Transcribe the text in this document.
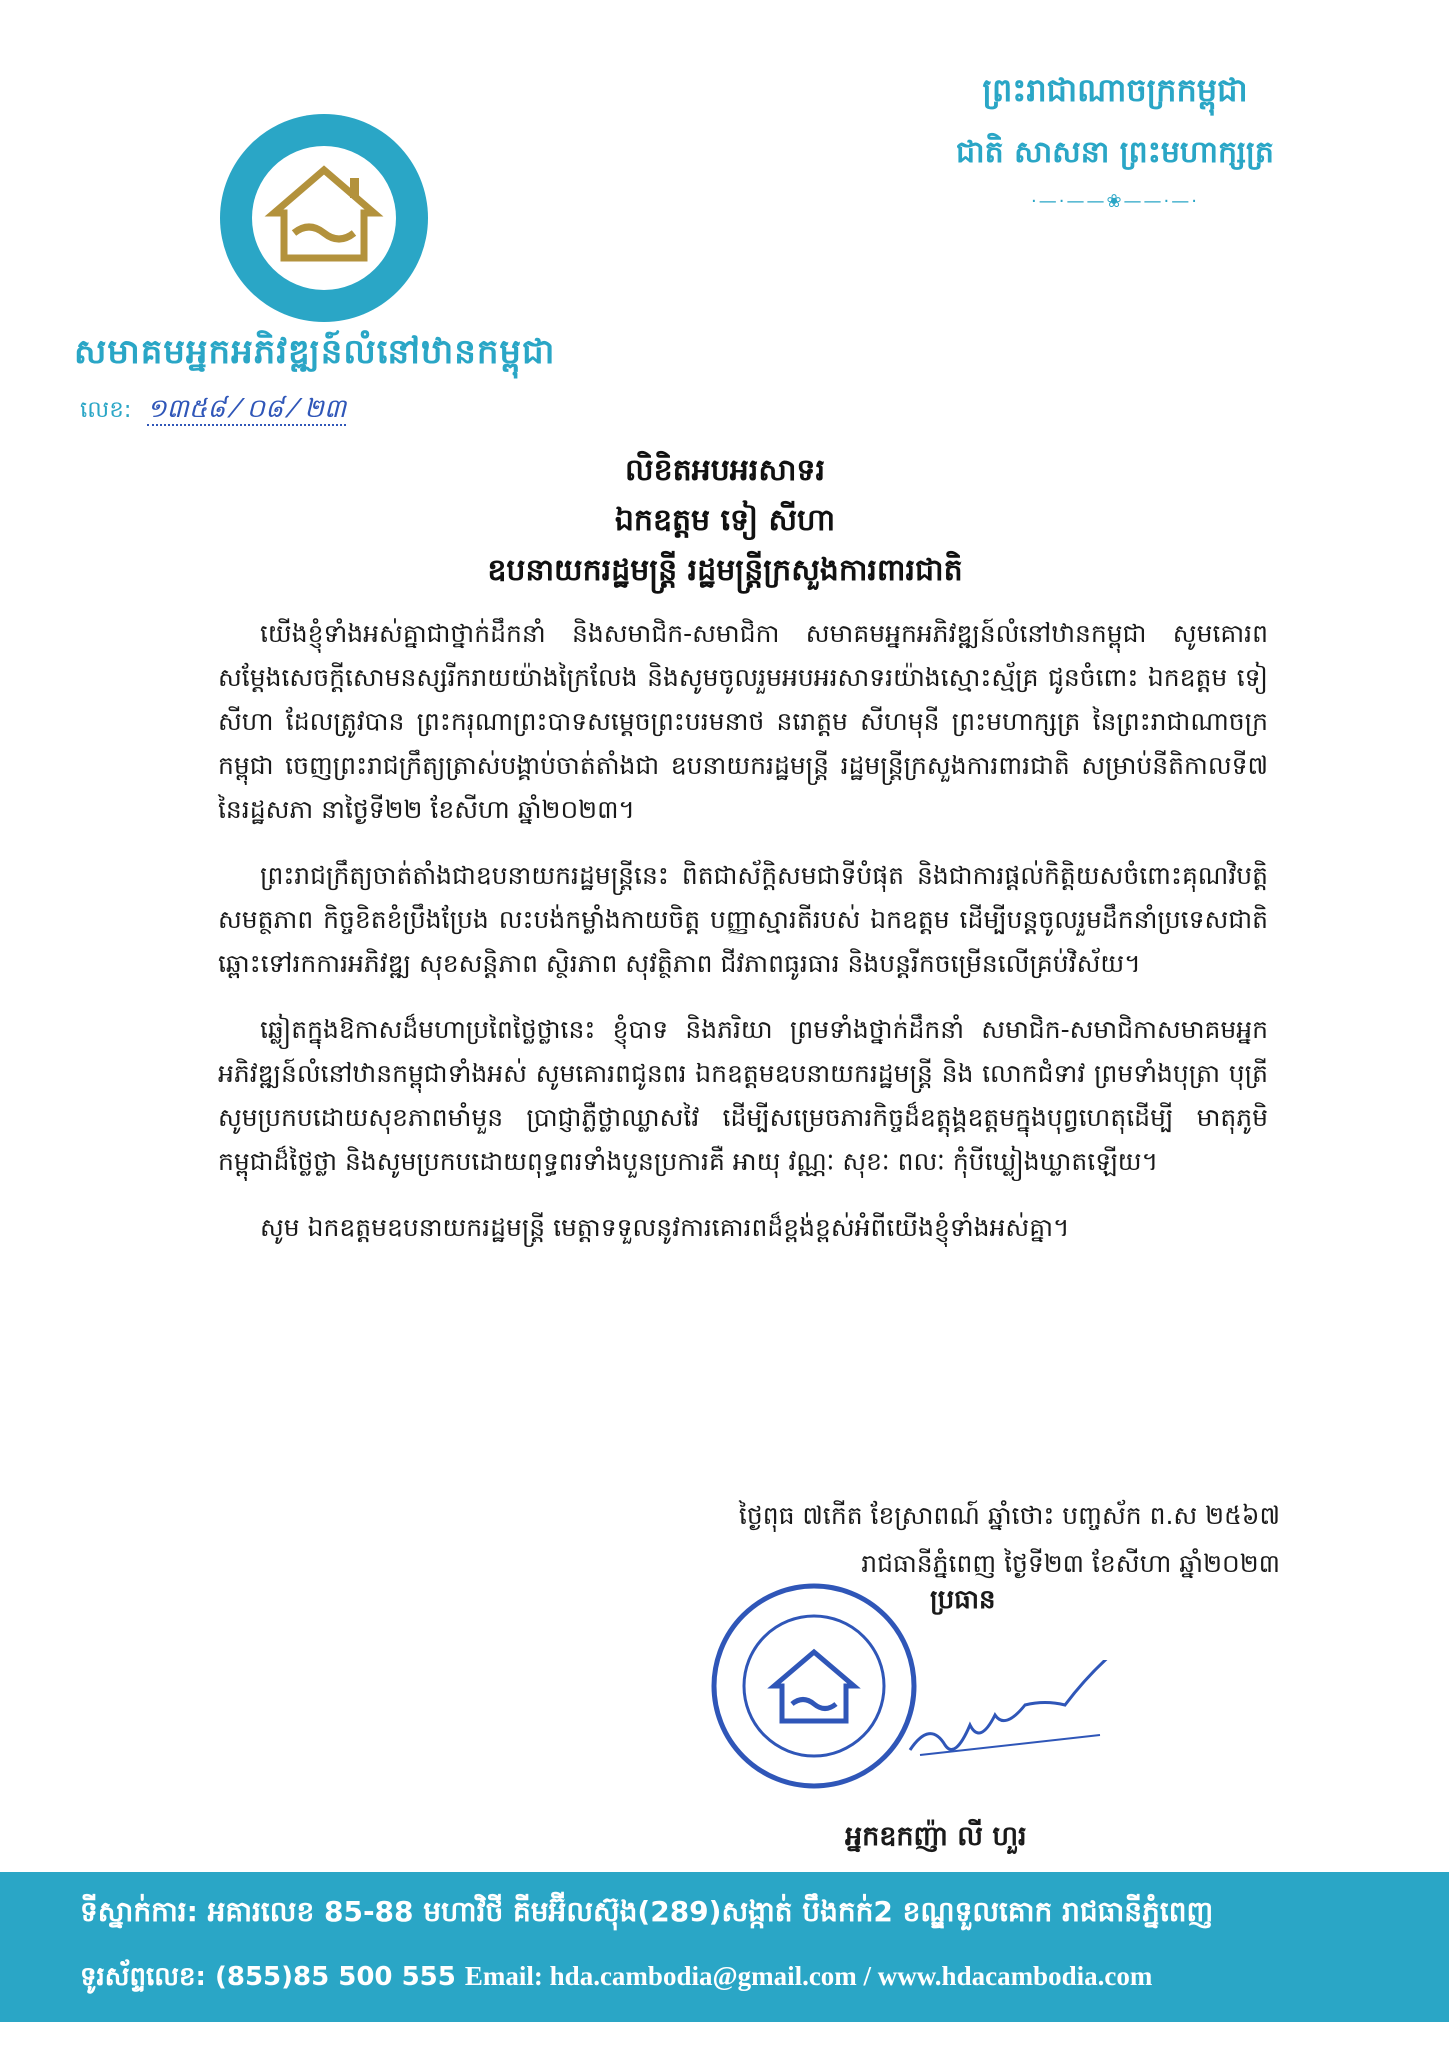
សមាគមអ្នកអភិវឌ្ឍន៍លំនៅឋានកម្ពុជា
លេខ: ១៣៥៨ ⁄ ០៨ ⁄ ២៣
ព្រះរាជាណាចក្រកម្ពុជា
ជាតិ សាសនា ព្រះមហាក្សត្រ
·—·——❀——·—·
លិខិតអបអរសាទរ
ឯកឧត្តម ទៀ សីហា
ឧបនាយករដ្ឋមន្ត្រី រដ្ឋមន្ត្រីក្រសួងការពារជាតិ

យើងខ្ញុំទាំងអស់គ្នាជាថ្នាក់ដឹកនាំ និងសមាជិក-សមាជិកា សមាគមអ្នកអភិវឌ្ឍន៍លំនៅឋានកម្ពុជា សូមគោរពសម្ដែងសេចក្ដីសោមនស្សរីករាយយ៉ាងក្រៃលែង និងសូមចូលរួមអបអរសាទរយ៉ាងស្មោះស្ម័គ្រ ជូនចំពោះ ឯកឧត្តម ទៀ សីហា ដែលត្រូវបាន ព្រះករុណាព្រះបាទសម្ដេចព្រះបរមនាថ នរោត្តម សីហមុនី ព្រះមហាក្សត្រ នៃព្រះរាជាណាចក្រកម្ពុជា ចេញព្រះរាជក្រឹត្យត្រាស់បង្គាប់ចាត់តាំងជា ឧបនាយករដ្ឋមន្ត្រី រដ្ឋមន្ត្រីក្រសួងការពារជាតិ សម្រាប់នីតិកាលទី៧ នៃរដ្ឋសភា នាថ្ងៃទី២២ ខែសីហា ឆ្នាំ២០២៣។

ព្រះរាជក្រឹត្យចាត់តាំងជាឧបនាយករដ្ឋមន្ត្រីនេះ ពិតជាស័ក្តិសមជាទីបំផុត និងជាការផ្ដល់កិត្តិយសចំពោះគុណវិបត្តិ សមត្ថភាព កិច្ចខិតខំប្រឹងប្រែង លះបង់កម្លាំងកាយចិត្ត បញ្ញាស្មារតីរបស់ ឯកឧត្តម ដើម្បីបន្តចូលរួមដឹកនាំប្រទេសជាតិឆ្ពោះទៅរកការអភិវឌ្ឍ សុខសន្តិភាព ស្ថិរភាព សុវត្ថិភាព ជីវភាពធូរធារ និងបន្តរីកចម្រើនលើគ្រប់វិស័យ។

ឆ្លៀតក្នុងឱកាសដ៏មហាប្រពៃថ្លៃថ្លានេះ ខ្ញុំបាទ និងភរិយា ព្រមទាំងថ្នាក់ដឹកនាំ សមាជិក-សមាជិកាសមាគមអ្នកអភិវឌ្ឍន៍លំនៅឋានកម្ពុជាទាំងអស់ សូមគោរពជូនពរ ឯកឧត្តមឧបនាយករដ្ឋមន្ត្រី និង លោកជំទាវ ព្រមទាំងបុត្រា បុត្រី សូមប្រកបដោយសុខភាពមាំមួន ប្រាជ្ញាភ្លឺថ្លាឈ្លាសវៃ ដើម្បីសម្រេចភារកិច្ចដ៏ឧត្តុង្គឧត្តមក្នុងបុព្វហេតុដើម្បី មាតុភូមិកម្ពុជាដ៏ថ្លៃថ្លា និងសូមប្រកបដោយពុទ្ធពរទាំងបួនប្រការគឺ អាយុ វណ្ណៈ សុខៈ ពលៈ កុំបីឃ្លៀងឃ្លាតឡើយ។

សូម ឯកឧត្តមឧបនាយករដ្ឋមន្ត្រី មេត្តាទទួលនូវការគោរពដ៏ខ្ពង់ខ្ពស់អំពីយើងខ្ញុំទាំងអស់គ្នា។

ថ្ងៃពុធ ៧កើត ខែស្រាពណ៍ ឆ្នាំថោះ បញ្ចស័ក ព.ស ២៥៦៧
រាជធានីភ្នំពេញ ថ្ងៃទី២៣ ខែសីហា ឆ្នាំ២០២៣
ប្រធាន
អ្នកឧកញ៉ា លី ហួរ
ទីស្នាក់ការ: អគារលេខ 85-88 មហាវិថី គីមអ៊ីលស៊ុង(289)សង្កាត់ បឹងកក់2 ខណ្ឌទួលគោក រាជធានីភ្នំពេញ
ទូរស័ព្ទលេខ: (855)85 500 555 Email: hda.cambodia@gmail.com / www.hdacambodia.com
